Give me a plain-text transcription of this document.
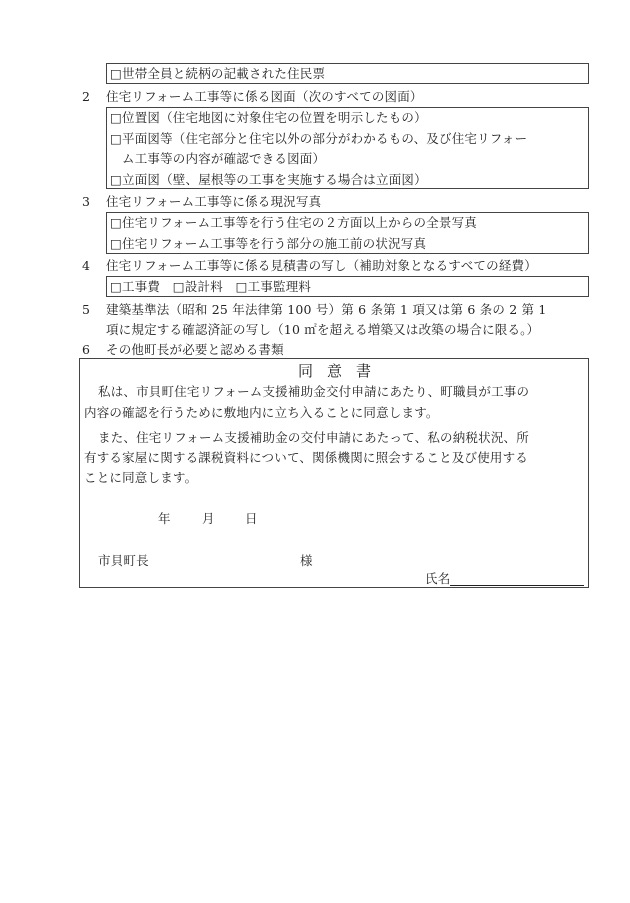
□世帯全員と続柄の記載された住民票
2 住宅リフォーム工事等に係る図面（次のすべての図面）
□位置図（住宅地図に対象住宅の位置を明示したもの）
□平面図等（住宅部分と住宅以外の部分がわかるもの、及び住宅リフォー
ム工事等の内容が確認できる図面）
□立面図（壁、屋根等の工事を実施する場合は立面図）
3 住宅リフォーム工事等に係る現況写真
□住宅リフォーム工事等を行う住宅の２方面以上からの全景写真
□住宅リフォーム工事等を行う部分の施工前の状況写真
4 住宅リフォーム工事等に係る見積書の写し（補助対象となるすべての経費）
□工事費　□設計料　□工事監理料
5 建築基準法（昭和 25 年法律第 100 号）第 6 条第 1 項又は第 6 条の 2 第 1
項に規定する確認済証の写し（10 ㎡を超える増築又は改築の場合に限る。）
6 その他町長が必要と認める書類
同意書
私は、市貝町住宅リフォーム支援補助金交付申請にあたり、町職員が工事の
内容の確認を行うために敷地内に立ち入ることに同意します。
また、住宅リフォーム支援補助金の交付申請にあたって、私の納税状況、所
有する家屋に関する課税資料について、関係機関に照会すること及び使用する
ことに同意します。
年	月 日
市貝町長	様
氏名
